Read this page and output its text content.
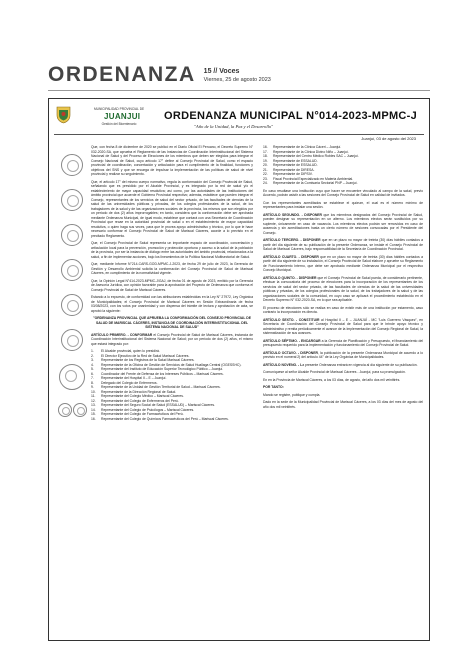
ORDENANZA 15 // Voces
Viernes, 25 de agosto 2023
MUNICIPALIDAD PROVINCIAL DE
JUANJUI
Gestión del Bicentenario
ORDENANZA MUNICIPAL N°014-2023-MPMC-J
"Año de la Unidad, la Paz y el Desarrollo"
Juanjuí, 03 de agosto del 2023

Que, con fecha 8 de diciembre de 2020 se publicó en el Diario Oficial El Peruano, el Decreto Supremo N° 032-2020-SA, que aprueba el Reglamento de las Instancias de Coordinación Interinstitucional del Sistema Nacional de Salud y del Proceso de Elecciones de los miembros que deben ser elegidos para integrar el Consejo Nacional de Salud, cuyo artículo 17° define al Consejo Provincial de Salud, como el espacio provincial de coordinación, concertación y articulación para el cumplimiento de la finalidad, funciones y objetivos del SNS y que se encarga de impulsar la implementación de las políticas de salud de nivel provincial y realizar su seguimiento.

Que, el artículo 17° del mismo cuerpo normativo, regula la conformación del Consejo Provincial de Salud, señalando que es presidido por el Alcalde Provincial, y es integrado por la red de salud y/o el establecimiento de mayor capacidad resolutiva; así como, por las autoridades de las instituciones del ámbito provincial que acuerde el Gobierno Provincial respectivo; además, establece que pueden integrar el Consejo, representantes de los servicios de salud del sector privado, de las facultades de ciencias de la salud de las universidades públicas y privadas, de los colegios profesionales de la salud, de los trabajadores de la salud y de las organizaciones sociales de la provincia, los mismos que son elegidos por un periodo de dos (2) años improrrogables; en tanto, considera que la conformación debe ser aprobada mediante Ordenanza Municipal, de igual modo, establece que contará con una Secretaría de Coordinación Provincial que recae en la autoridad provincial de salud o en el establecimiento de mayor capacidad resolutiva, o quien haga sus veces, para que le provea apoyo administrativo y técnico, por lo que le hace necesario conformar el Consejo Provincial de Salud de Mariscal Cáceres, acorde a lo previsto en el precitado Reglamento.

Que, el Consejo Provincial de Salud representa un importante espacio de coordinación, concertación y articulación local para la prevención, promoción y protección oportuna y acceso a la salud de la población de la provincia, por ser la instancia de diálogo entre las autoridades del ámbito provincial, relacionados a la salud, a fin de implementar acciones, bajo los lineamientos de la Política Nacional Multisectorial de Salud.

Que, mediante Informe N°214-CARS-GOD-MPMC-J-2023, de fecha 29 de julio de 2023, la Gerencia de Gestión y Desarrollo Ambiental solicita la conformación del Consejo Provincial de Salud de Mariscal Cáceres, en cumplimiento de la normatividad vigente.

Que, la Opinión Legal N°414-2023-MPMC-J/GAJ, de fecha 01 de agosto de 2023, emitido por la Gerencia de Asesoría Jurídica, con opinión favorable para la aprobación del Proyecto de Ordenanza que conforma el Consejo Provincial de Salud de Mariscal Cáceres.

Estando a lo expuesto, de conformidad con las atribuciones establecidas en la Ley N° 27972, Ley Orgánica de Municipalidades; el Concejo Provincial de Mariscal Cáceres en Sesión Extraordinaria de fecha 03/08/2023, con los votos por unanimidad y con dispensa del trámite de lectura y aprobación de acta, se aprobó la siguiente:

"ORDENANZA PROVINCIAL QUE APRUEBA LA CONFORMACIÓN DEL CONSEJO PROVINCIAL DE SALUD DE MARISCAL CÁCERES, INSTANCIA DE COORDINACIÓN INTERINSTITUCIONAL DEL SISTEMA NACIONAL DE SALUD"

ARTÍCULO PRIMERO. - CONFORMAR el Consejo Provincial de Salud de Mariscal Cáceres, instancia de Coordinación Interinstitucional del Sistema Nacional de Salud; por un período de dos (2) años, el mismo que estará integrado por:

1.	El Alcalde provincial, quien lo presidirá.
2.	El Director Ejecutivo de la Red de Salud Mariscal Cáceres.
3.	Representante de los Registros de la Salud Mariscal Cáceres.
4.	Representante de la Oficina de Gestión de Servicios de Salud Huallaga Central (OGESSHC).
5.	Representante del Instituto de Educación Superior Tecnológico Público – Juanjuí.
6.	Coordinador del Frente de Defensa de los Intereses Públicos – Mariscal Cáceres.
7.	Representante del Hospital II – E – Juanjuí.
8.	Delegado del Colegio de Enfermeros.
9.	Representante de la Unidad de Gestión Territorial de Salud – Mariscal Cáceres.
10.	Representante de la Dirección Regional de Salud.
11.	Representante del Colegio Médico – Mariscal Cáceres.
12.	Representante del Colegio de Enfermeros del Perú.
13.	Representante del Seguro Social de Salud (ESSALUD) – Mariscal Cáceres.
14.	Representante del Colegio de Psicólogos – Mariscal Cáceres.
15.	Representante del Colegio de Farmacéuticos del Perú.
16.	Representante del Colegio de Químicos Farmacéuticos del Perú – Mariscal Cáceres.
16.	Representante de la Clínica Cáceri – Juanjuí.
17.	Representante de la Clínica Divino Niño – Juanjuí.
18.	Representante del Centro Médico Robles SAC – Juanjuí.
19.	Representante de ESSALUD.
20.	Representante de ESSALUD.
21.	Representante de DIRESA.
22.	Representante de DIPSIV.
23.	Fiscal Provincial Especializado en Materia Ambiental.
24.	Representante de la Comisaría Sectorial PNP – Juanjuí.

En caso resultase una institución cuyo que hacer se encuentre vinculado al campo de la salud, previo Acuerdo, podrán asistir a las sesiones del Consejo Provincial de Salud en calidad de invitados.

Con los representantes acreditados se establece el quórum, el cual es el número mínimo de representantes para instalar una sesión.

ARTÍCULO SEGUNDO. - DISPONER que los miembros designados del Consejo Provincial de Salud, pueden designar su representación en un alterno. Los miembros electos serán sustituidos por su suplente, únicamente en caso de vacancia. Los miembros electos podrán ser removidos en caso de ausencia y sin acreditaciones hasta un cierto número de sesiones convocadas por el Presidente del Consejo.

ARTÍCULO TERCERO. - DISPONER que en un plazo no mayor de treinta (30) días hábiles contados a partir del día siguiente de su publicación de la presente Ordenanza, se instale el Consejo Provincial de Salud de Mariscal Cáceres, bajo responsabilidad de la Secretaría de Coordinación Provincial.

ARTÍCULO CUARTO. - DISPONER que en un plazo no mayor de treinta (30) días hábiles contados a partir del día siguiente de su instalación, el Consejo Provincial de Salud elabore y apruebe su Reglamento de Funcionamiento Interno, que debe ser aprobado mediante Ordenanza Municipal por el respectivo Concejo Municipal.

ARTÍCULO QUINTO. - DISPONER que el Consejo Provincial de Salud pueda, de considerarlo pertinente, efectuar la convocatoria del proceso de elecciones para la incorporación de los representantes de los servicios de salud del sector privado, de las facultades de ciencias de la salud de las universidades públicas y privadas, de los colegios profesionales de la salud, de los trabajadores de la salud y de las organizaciones sociales de la comunidad, en cuyo caso se aplicará el procedimiento establecido en el Decreto Supremo N° 032-2020-SA, en lo que sea aplicable.

El proceso de elecciones sólo se realiza en caso de existir más de una institución por estamento, caso contrario la incorporación es directa.

ARTÍCULO SEXTO. - CONSTITUIR al Hospital II – E – JUANJUÍ - MC "Luis Guerrero Vásquez", en Secretaría de Coordinación del Consejo Provincial de Salud para que le brinde apoyo técnico y administrativo y remita periódicamente el avance de la Implementación del Consejo Regional de Salud, la sistematización de sus avances.

ARTÍCULO SÉPTIMO. - ENCARGAR a la Gerencia de Planificación y Presupuesto, el financiamiento del presupuesto requerido para la implementación y funcionamiento del Consejo Provincial de Salud.

ARTÍCULO OCTAVO. - DISPONER, la publicación de la presente Ordenanza Municipal de acuerdo a lo previsto en el numeral 2) del artículo 44° de la Ley Orgánica de Municipalidades.

ARTÍCULO NOVENO. - La presente Ordenanza entrará en vigencia al día siguiente de su publicación.

Comuníquese al señor Alcalde Provincial de Mariscal Cáceres - Juanjuí, para su promulgación.

En en la Provincia de Mariscal Cáceres, a los 03 días, de agosto, del año dos mil veintitrés.

POR TANTO:

Mando se registre, publique y cumpla.

Dado en la sede de la Municipalidad Provincial de Mariscal Cáceres, a los 03 días del mes de agosto del año dos mil veintitrés.
